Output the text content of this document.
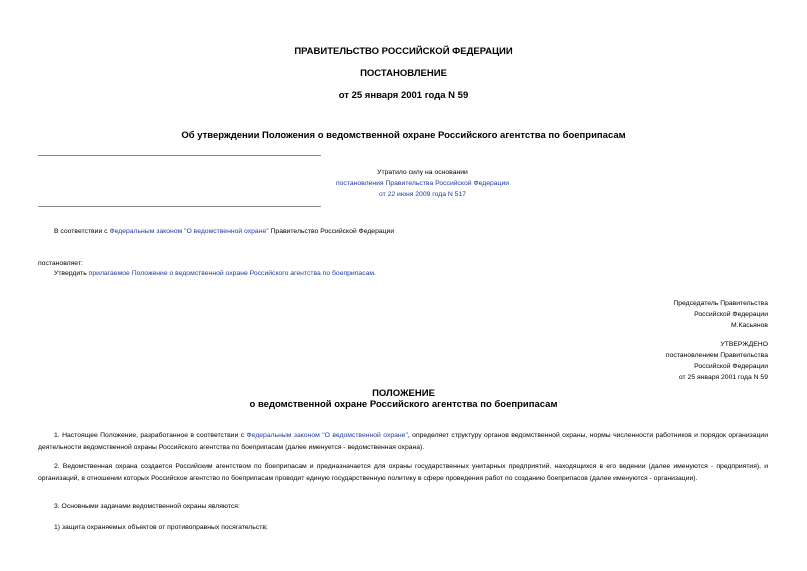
ПРАВИТЕЛЬСТВО РОССИЙСКОЙ ФЕДЕРАЦИИ
ПОСТАНОВЛЕНИЕ
от 25 января 2001 года N 59
Об утверждении Положения о ведомственной охране Российского агентства по боеприпасам
Утратило силу на основании
постановления Правительства Российской Федерации
от 22 июня 2009 года N 517
В соответствии с Федеральным законом "О ведомственной охране" Правительство Российской Федерации
постановляет:
Утвердить прилагаемое Положение о ведомственной охране Российского агентства по боеприпасам.
Председатель Правительства
Российской Федерации
М.Касьянов
УТВЕРЖДЕНО
постановлением Правительства
Российской Федерации
от 25 января 2001 года N 59
ПОЛОЖЕНИЕ
о ведомственной охране Российского агентства по боеприпасам
1. Настоящее Положение, разработанное в соответствии с Федеральным законом "О ведомственной охране", определяет структуру органов ведомственной охраны, нормы численности работников и порядок организации деятельности ведомственной охраны Российского агентства по боеприпасам (далее именуется - ведомственная охрана).
2. Ведомственная охрана создается Российским агентством по боеприпасам и предназначается для охраны государственных унитарных предприятий, находящихся в его ведении (далее именуются - предприятия), и организаций, в отношении которых Российское агентство по боеприпасам проводит единую государственную политику в сфере проведения работ по созданию боеприпасов (далее именуются - организации).
3. Основными задачами ведомственной охраны являются:
1) защита охраняемых объектов от противоправных посягательств;
